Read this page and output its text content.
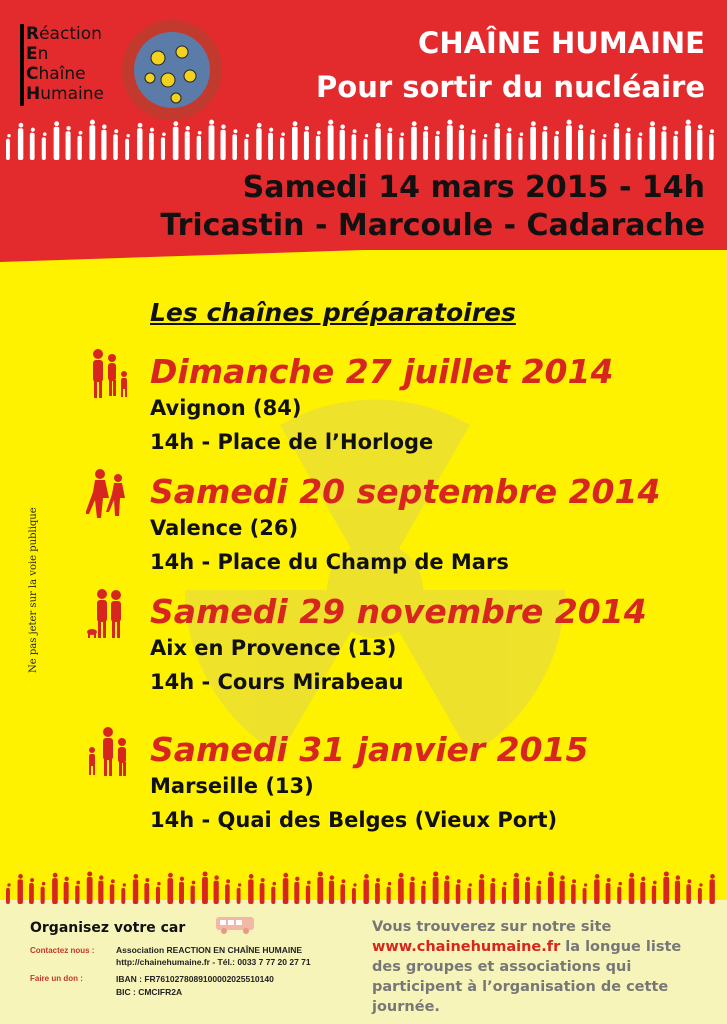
Réaction
En
Chaîne
Humaine
CHAÎNE HUMAINE
Pour sortir du nucléaire
Samedi 14 mars 2015 - 14h
Tricastin - Marcoule - Cadarache
Ne pas jeter sur la voie publique
Les chaînes préparatoires
Dimanche 27 juillet 2014
Avignon (84)
14h - Place de l’Horloge
Samedi 20 septembre 2014
Valence (26)
14h - Place du Champ de Mars
Samedi 29 novembre 2014
Aix en Provence (13)
14h - Cours Mirabeau
Samedi 31 janvier 2015
Marseille (13)
14h - Quai des Belges (Vieux Port)
Organisez votre car
Contactez nous :	Association REACTION EN CHAÎNE HUMAINE
http://chainehumaine.fr - Tél.: 0033 7 77 20 27 71
Faire un don :	IBAN : FR7610278089100002025510140
BIC : CMCIFR2A
Vous trouverez sur notre site
www.chainehumaine.fr la longue liste des groupes et associations qui participent à l’organisation de cette journée.
